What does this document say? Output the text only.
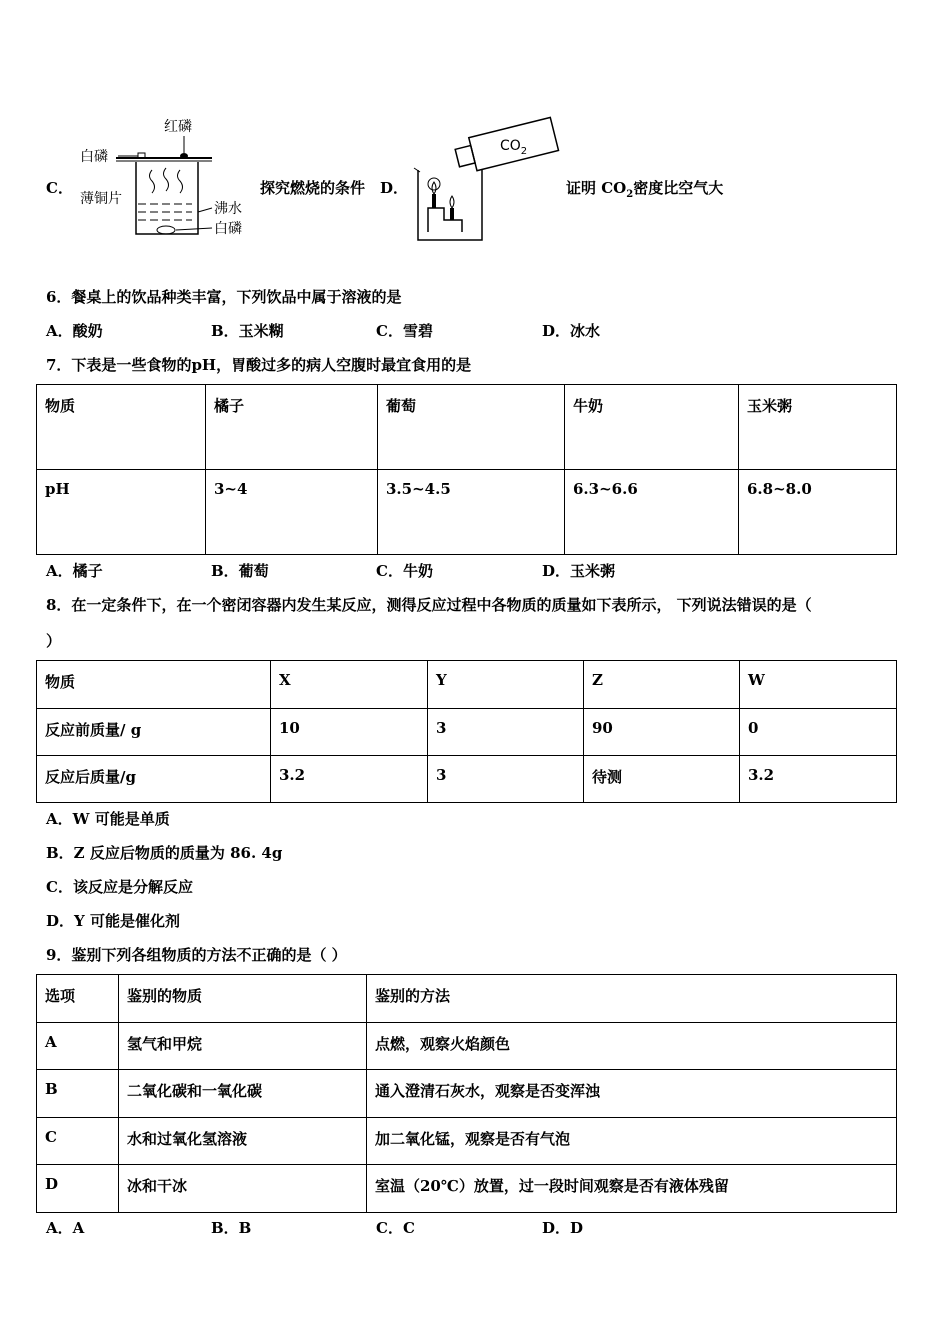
C．
红磷
白磷
薄铜片
沸水
白磷
探究燃烧的条件 D．
$CO_2$
证明 $CO_2$密度比空气大
6．餐桌上的饮品种类丰富，下列饮品中属于溶液的是
A．酸奶	B．玉米糊	C．雪碧	D．冰水
7．下表是一些食物的pH，胃酸过多的病人空腹时最宜食用的是
物质	橘子	葡萄	牛奶	玉米粥
pH	3~4	3.5~4.5	6.3~6.6	6.8~8.0
A．橘子	B．葡萄	C．牛奶	D．玉米粥
8．在一定条件下，在一个密闭容器内发生某反应，测得反应过程中各物质的质量如下表所示， 下列说法错误的是（
）
物质	X	Y	Z	W
反应前质量/ g	10	3	90	0
反应后质量/g	3.2	3	待测	3.2
A．W 可能是单质
B．Z 反应后物质的质量为 86. 4g
C．该反应是分解反应
D．Y 可能是催化剂
9．鉴别下列各组物质的方法不正确的是（ ）
选项	鉴别的物质	鉴别的方法
A	氢气和甲烷	点燃，观察火焰颜色
B	二氧化碳和一氧化碳	通入澄清石灰水，观察是否变浑浊
C	水和过氧化氢溶液	加二氧化锰，观察是否有气泡
D	冰和干冰	室温（20℃）放置，过一段时间观察是否有液体残留
A．A	B．B	C．C	D．D
